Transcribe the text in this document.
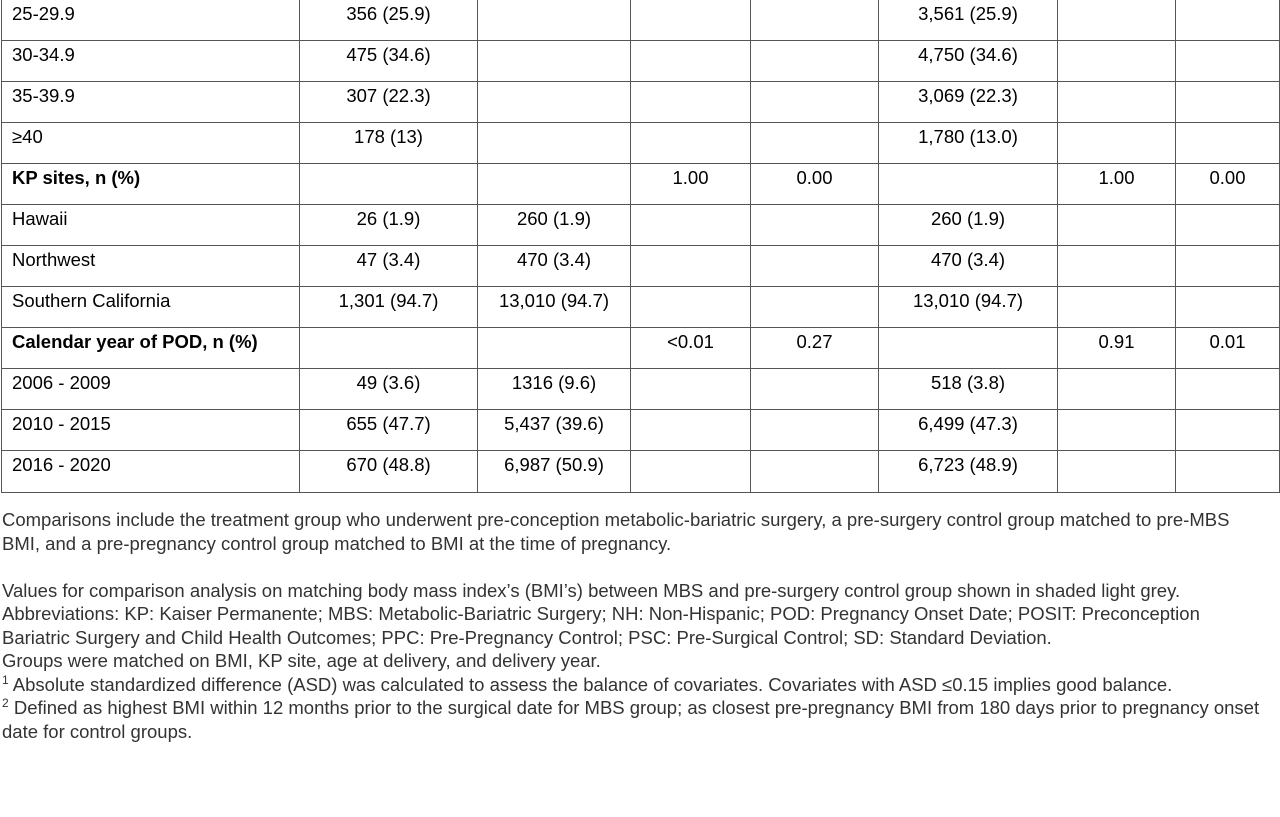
25-29.9	356 (25.9)				3,561 (25.9)		
30-34.9	475 (34.6)				4,750 (34.6)		
35-39.9	307 (22.3)				3,069 (22.3)		
≥40	178 (13)				1,780 (13.0)		
KP sites, n (%)			1.00	0.00		1.00	0.00
Hawaii	26 (1.9)	260 (1.9)			260 (1.9)		
Northwest	47 (3.4)	470 (3.4)			470 (3.4)		
Southern California	1,301 (94.7)	13,010 (94.7)			13,010 (94.7)		
Calendar year of POD, n (%)			<0.01	0.27		0.91	0.01
2006 - 2009	49 (3.6)	1316 (9.6)			518 (3.8)		
2010 - 2015	655 (47.7)	5,437 (39.6)			6,499 (47.3)		
2016 - 2020	670 (48.8)	6,987 (50.9)			6,723 (48.9)		

Comparisons include the treatment group who underwent pre-conception metabolic-bariatric surgery, a pre-surgery control group matched to pre-MBS BMI, and a pre-pregnancy control group matched to BMI at the time of pregnancy.

Values for comparison analysis on matching body mass index’s (BMI’s) between MBS and pre-surgery control group shown in shaded light grey.

Abbreviations: KP: Kaiser Permanente; MBS: Metabolic-Bariatric Surgery; NH: Non-Hispanic; POD: Pregnancy Onset Date; POSIT: Preconception Bariatric Surgery and Child Health Outcomes; PPC: Pre-Pregnancy Control; PSC: Pre-Surgical Control; SD: Standard Deviation.

Groups were matched on BMI, KP site, age at delivery, and delivery year.

$^1$ Absolute standardized difference (ASD) was calculated to assess the balance of covariates. Covariates with ASD ≤0.15 implies good balance.

$^2$ Defined as highest BMI within 12 months prior to the surgical date for MBS group; as closest pre-pregnancy BMI from 180 days prior to pregnancy onset date for control groups.
